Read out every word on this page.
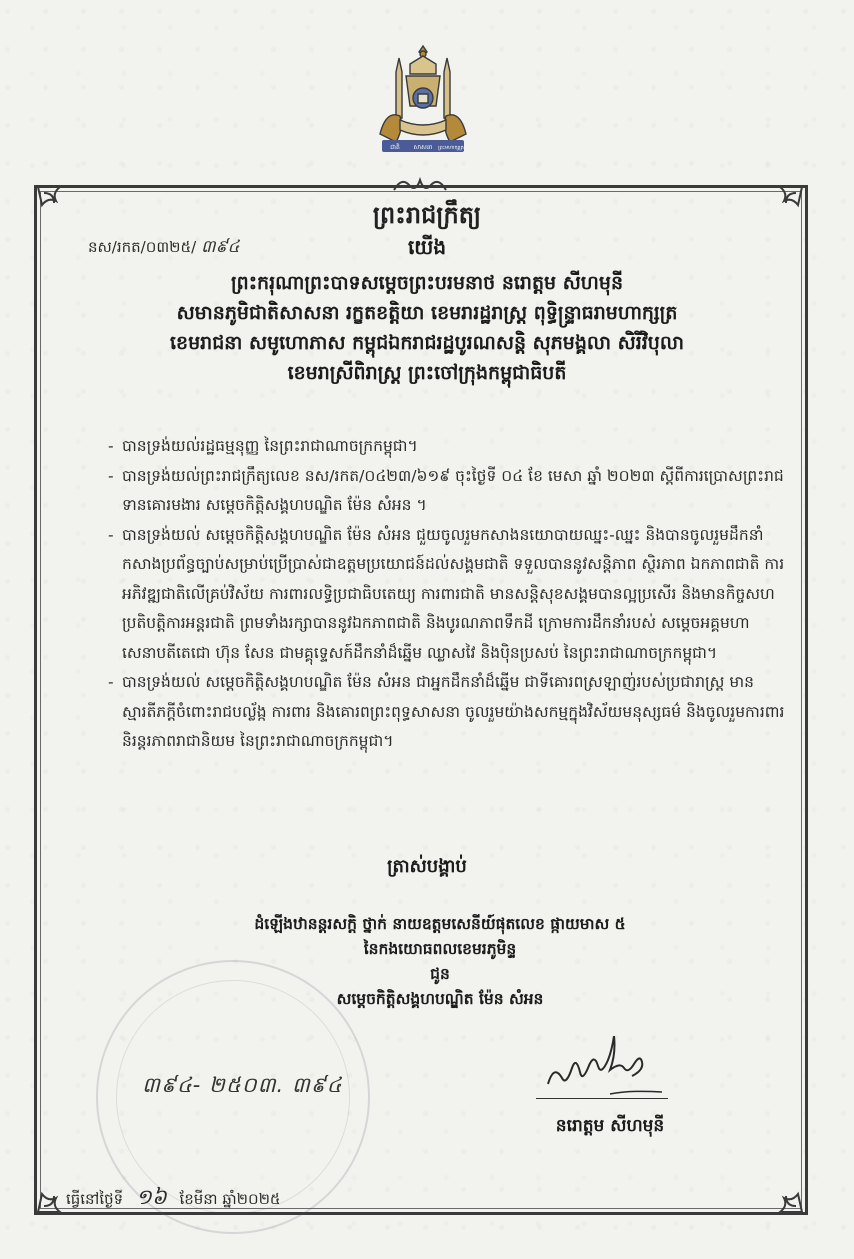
ជាតិ សាសនា ព្រះមហាក្សត្រ
ព្រះរាជក្រឹត្យ
នស/រកត/០៣២៥/ ៣៩៤	យើង
ព្រះករុណាព្រះបាទសម្តេចព្រះបរមនាថ នរោត្តម សីហមុនី
សមានភូមិជាតិសាសនា រក្ខតខត្តិយា ខេមរារដ្ឋរាស្ត្រ ពុទ្ធិន្ទ្រាធរាមហាក្សត្រ
ខេមរាជនា សមូហោភាស កម្ពុជឯករាជរដ្ឋបូរណសន្តិ សុភមង្គលា សិរីវិបុលា
ខេមរាស្រីពិរាស្ត្រ ព្រះចៅក្រុងកម្ពុជាធិបតី

- បានទ្រង់យល់រដ្ឋធម្មនុញ្ញ នៃព្រះរាជាណាចក្រកម្ពុជា។

- បានទ្រង់យល់ព្រះរាជក្រឹត្យលេខ នស/រកត/០៤២៣/៦១៩ ចុះថ្ងៃទី ០៤ ខែ មេសា ឆ្នាំ ២០២៣ ស្តីពីការប្រោសព្រះរាជទានគោរមងារ សម្តេចកិត្តិសង្គហបណ្ឌិត ម៉ែន សំអន ។

- បានទ្រង់យល់ សម្តេចកិត្តិសង្គហបណ្ឌិត ម៉ែន សំអន ជួយចូលរួមកសាងនយោបាយឈ្នះ-ឈ្នះ និងបានចូលរួមដឹកនាំកសាងប្រព័ន្ធច្បាប់សម្រាប់ប្រើប្រាស់ជាឧត្តមប្រយោជន៍ដល់សង្គមជាតិ ទទួលបាននូវសន្តិភាព ស្ថិរភាព ឯកភាពជាតិ ការអភិវឌ្ឍជាតិលើគ្រប់វិស័យ ការពារលទ្ធិប្រជាធិបតេយ្យ ការពារជាតិ មានសន្តិសុខសង្គមបានល្អប្រសើរ និងមានកិច្ចសហប្រតិបត្តិការអន្តរជាតិ ព្រមទាំងរក្សាបាននូវឯកភាពជាតិ និងបូរណភាពទឹកដី ក្រោមការដឹកនាំរបស់ សម្តេចអគ្គមហាសេនាបតីតេជោ ហ៊ុន សែន ជាមគ្គុទ្ទេសក៍ដឹកនាំដ៏ឆ្នើម ឈ្លាសវៃ និងប៉ិនប្រសប់ នៃព្រះរាជាណាចក្រកម្ពុជា។

- បានទ្រង់យល់ សម្តេចកិត្តិសង្គហបណ្ឌិត ម៉ែន សំអន ជាអ្នកដឹកនាំដ៏ឆ្នើម ជាទីគោរពស្រឡាញ់របស់ប្រជារាស្ត្រ មានស្មារតីភក្តីចំពោះរាជបល្ល័ង្ក ការពារ និងគោរពព្រះពុទ្ធសាសនា ចូលរួមយ៉ាងសកម្មក្នុងវិស័យមនុស្សធម៌ និងចូលរួមការពារនិរន្តរភាពរាជានិយម នៃព្រះរាជាណាចក្រកម្ពុជា។

ត្រាស់បង្គាប់
ដំឡើងឋានន្តរសក្តិ ថ្នាក់ នាយឧត្តមសេនីយ៍ផុតលេខ ផ្កាយមាស ៥
នៃកងយោធពលខេមរភូមិន្ទ
ជូន
សម្តេចកិត្តិសង្គហបណ្ឌិត ម៉ែន សំអន
៣៩៤- ២៥០៣. ៣៩៤
នរោត្តម សីហមុនី
ធ្វើនៅថ្ងៃទី ១៦ ខែមីនា ឆ្នាំ២០២៥
